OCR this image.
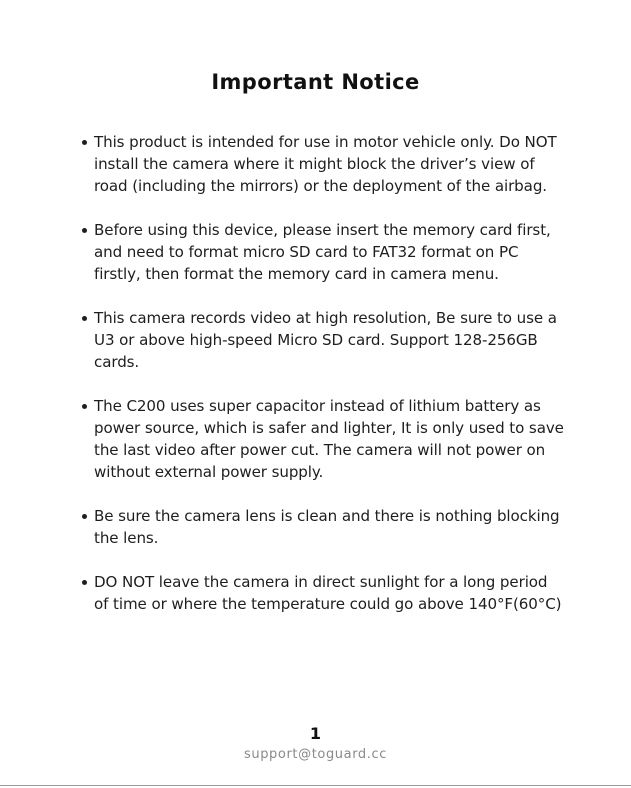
Important Notice
This product is intended for use in motor vehicle only. Do NOT install the camera where it might block the driver’s view of road (including the mirrors) or the deployment of the airbag.
Before using this device, please insert the memory card first, and need to format micro SD card to FAT32 format on PC firstly, then format the memory card in camera menu.
This camera records video at high resolution, Be sure to use a U3 or above high-speed Micro SD card. Support 128-256GB cards.
The C200 uses super capacitor instead of lithium battery as power source, which is safer and lighter, It is only used to save the last video after power cut. The camera will not power on without external power supply.
Be sure the camera lens is clean and there is nothing blocking the lens.
DO NOT leave the camera in direct sunlight for a long period of time or where the temperature could go above 140°F(60°C)
1
support@toguard.cc
